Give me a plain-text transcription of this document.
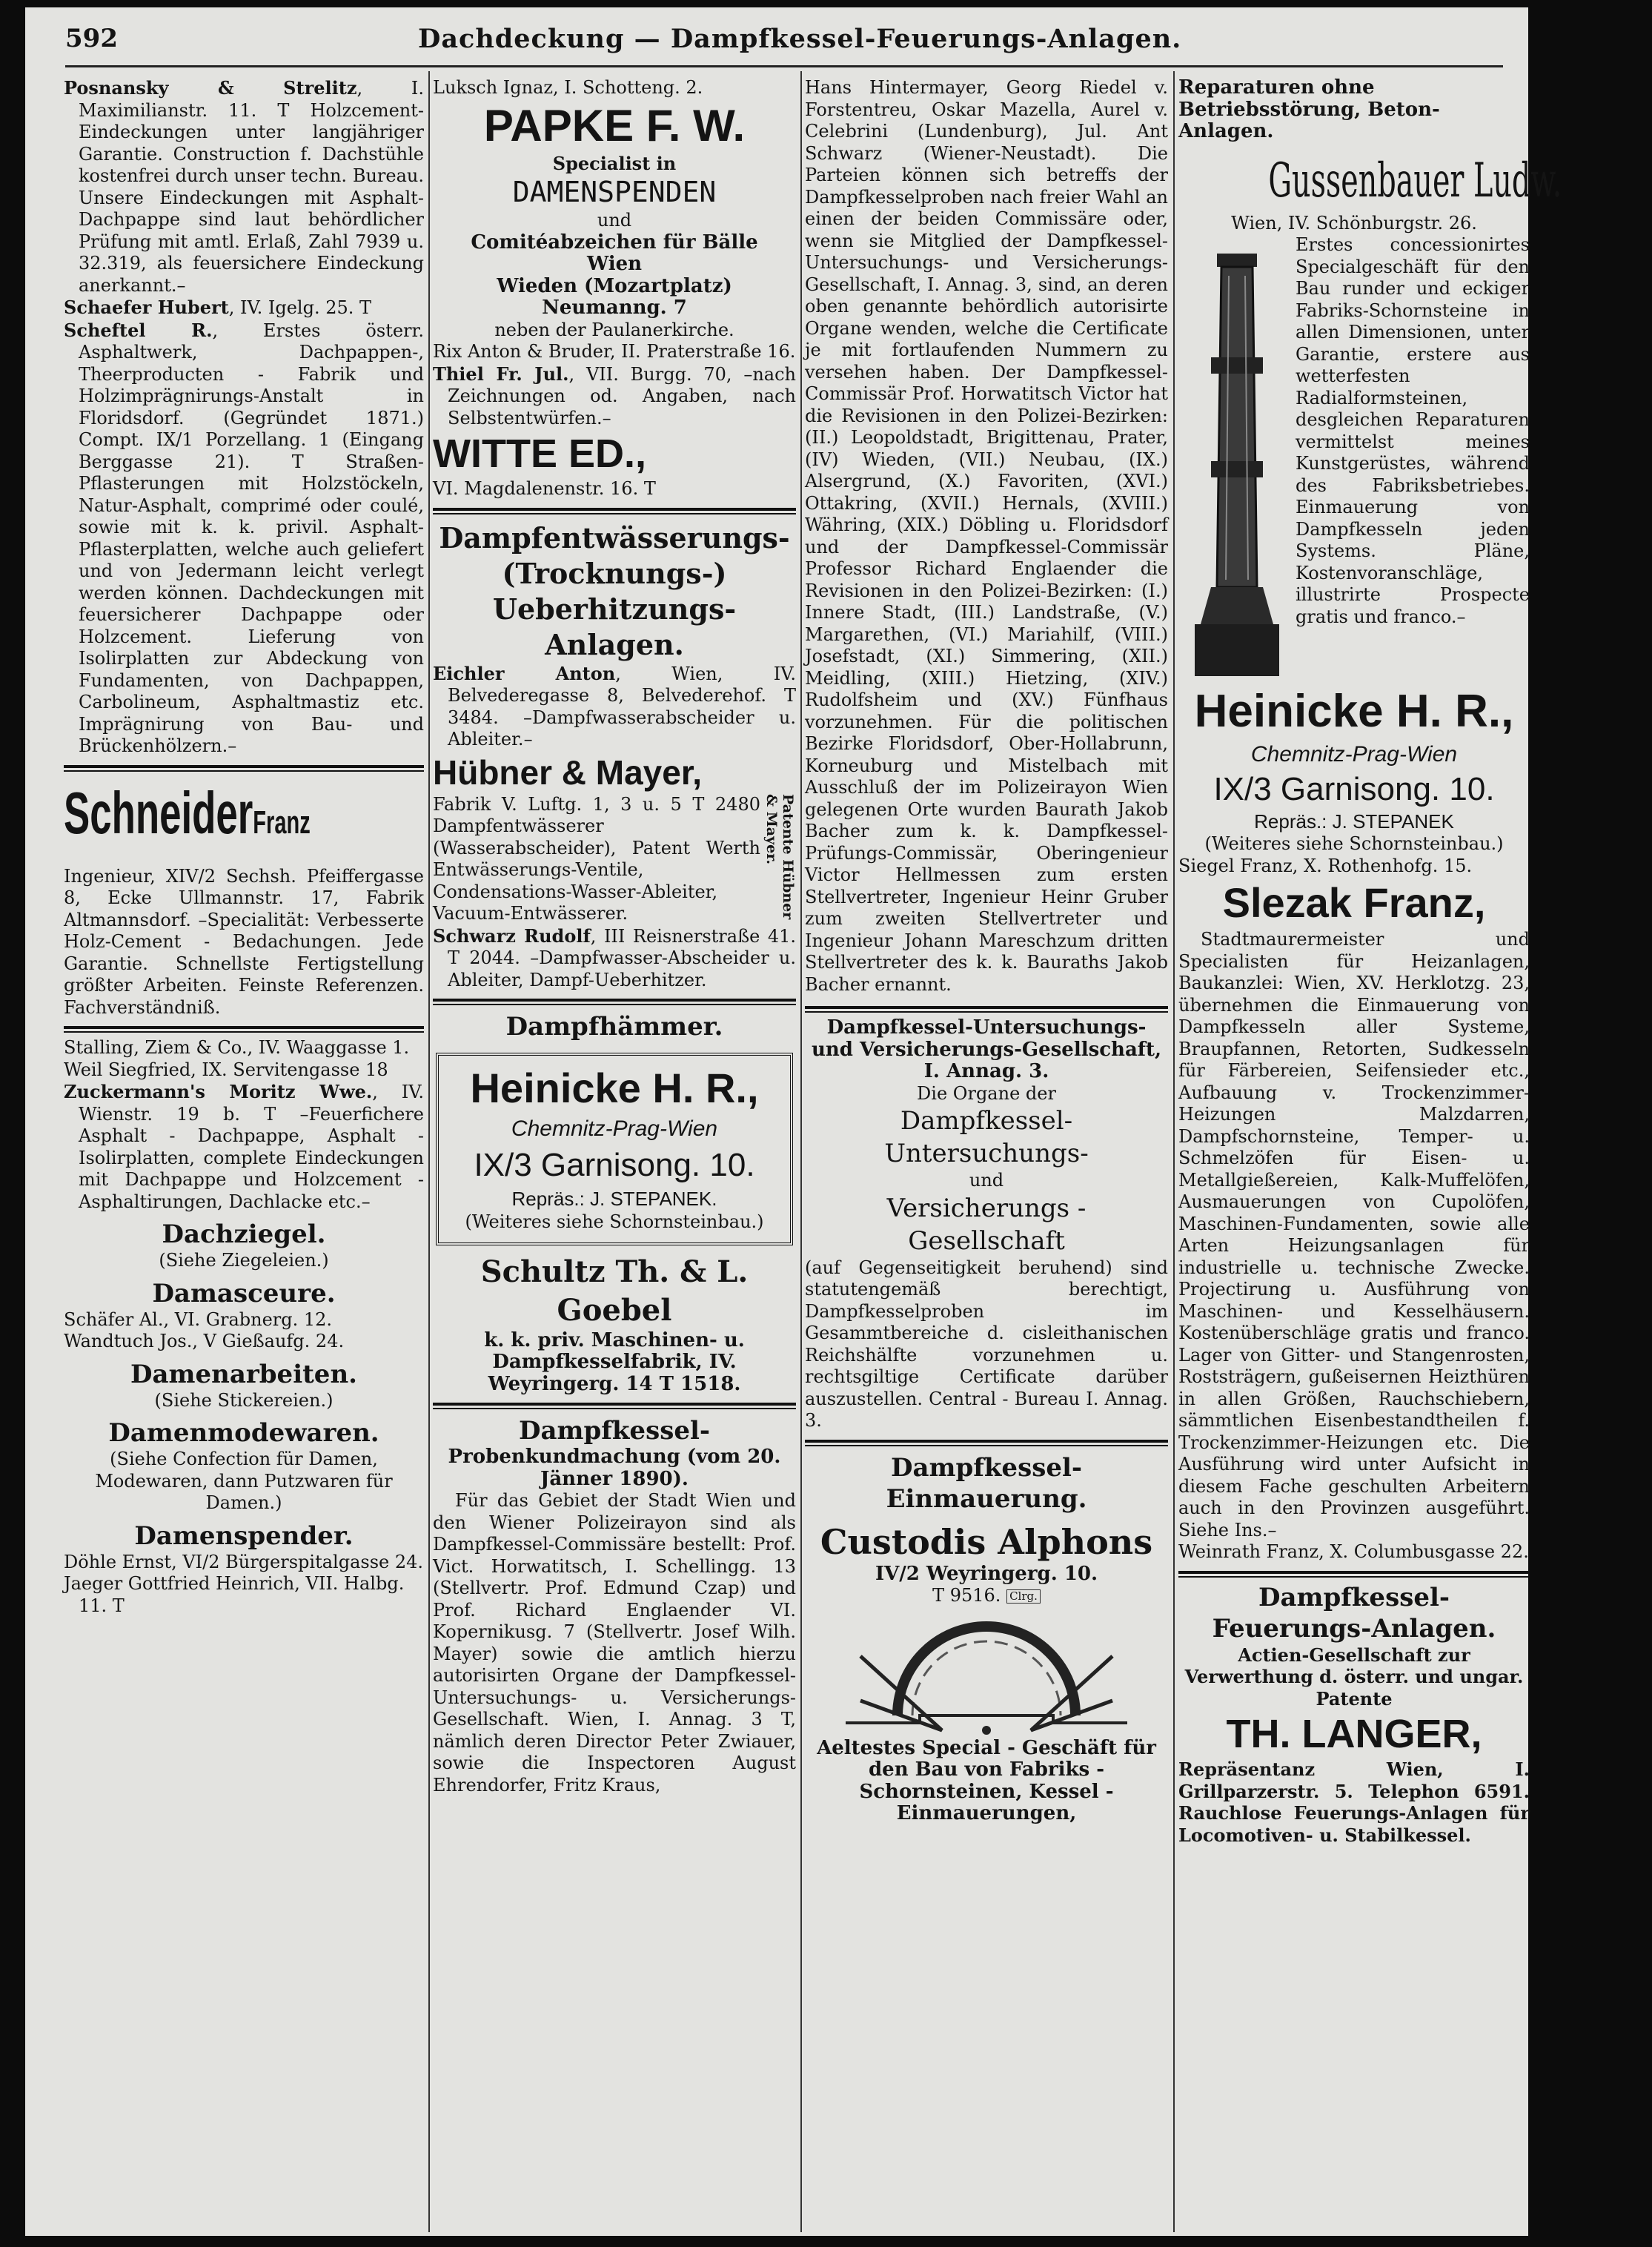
592	Dachdeckung — Dampfkessel-Feuerungs-Anlagen.

Posnansky & Strelitz, I. Maximilianstr. 11. T Holzcement-Eindeckungen unter langjähriger Garantie. Construction f. Dachstühle kostenfrei durch unser techn. Bureau. Unsere Eindeckungen mit Asphalt-Dachpappe sind laut behördlicher Prüfung mit amtl. Erlaß, Zahl 7939 u. 32.319, als feuersichere Eindeckung anerkannt.–

Schaefer Hubert, IV. Igelg. 25. T

Scheftel R., Erstes österr. Asphaltwerk, Dachpappen-, Theerproducten - Fabrik und Holzimprägnirungs-Anstalt in Floridsdorf. (Gegründet 1871.) Compt. IX/1 Porzellang. 1 (Eingang Berggasse 21). T Straßen-Pflasterungen mit Holzstöckeln, Natur-Asphalt, comprimé oder coulé, sowie mit k. k. privil. Asphalt-Pflasterplatten, welche auch geliefert und von Jedermann leicht verlegt werden können. Dachdeckungen mit feuersicherer Dachpappe oder Holzcement. Lieferung von Isolirplatten zur Abdeckung von Fundamenten, von Dachpappen, Carbolineum, Asphaltmastiz etc. Imprägnirung von Bau- und Brückenhölzern.–

SchneiderFranz

Ingenieur, XIV/2 Sechsh. Pfeiffergasse 8, Ecke Ullmannstr. 17, Fabrik Altmannsdorf. –Specialität: Verbesserte Holz-Cement - Bedachungen. Jede Garantie. Schnellste Fertigstellung größter Arbeiten. Feinste Referenzen. Fachverständniß.

Stalling, Ziem & Co., IV. Waaggasse 1.

Weil Siegfried, IX. Servitengasse 18

Zuckermann's Moritz Wwe., IV. Wienstr. 19 b. T –Feuerfichere Asphalt - Dachpappe, Asphalt - Isolirplatten, complete Eindeckungen mit Dachpappe und Holzcement - Asphaltirungen, Dachlacke etc.–

Dachziegel.

(Siehe Ziegeleien.)

Damasceure.

Schäfer Al., VI. Grabnerg. 12.

Wandtuch Jos., V Gießaufg. 24.

Damenarbeiten.

(Siehe Stickereien.)

Damenmodewaren.

(Siehe Confection für Damen, Modewaren, dann Putzwaren für Damen.)

Damenspender.

Döhle Ernst, VI/2 Bürgerspitalgasse 24.

Jaeger Gottfried Heinrich, VII. Halbg. 11. T

Luksch Ignaz, I. Schotteng. 2.

PAPKE F. W.

Specialist in

DAMENSPENDEN

und

Comitéabzeichen für Bälle

Wien

Wieden (Mozartplatz)

Neumanng. 7

neben der Paulanerkirche.

Rix Anton & Bruder, II. Praterstraße 16.

Thiel Fr. Jul., VII. Burgg. 70, –nach Zeichnungen od. Angaben, nach Selbstentwürfen.–

WITTE ED.,

VI. Magdalenenstr. 16. T

Dampfentwässerungs- (Trocknungs-) Ueberhitzungs-Anlagen.

Eichler Anton, Wien, IV. Belvederegasse 8, Belvederehof. T 3484. –Dampfwasserabscheider u. Ableiter.–

Hübner & Mayer,
Patente Hübner & Mayer.

Fabrik V. Luftg. 1, 3 u. 5 T 2480 Dampfentwässerer (Wasserabscheider), Patent Werth Entwässerungs-Ventile, Condensations-Wasser-Ableiter, Vacuum-Entwässerer.

Schwarz Rudolf, III Reisnerstraße 41. T 2044. –Dampfwasser-Abscheider u. Ableiter, Dampf-Ueberhitzer.

Dampfhämmer.
Heinicke H. R.,

Chemnitz-Prag-Wien

IX/3 Garnisong. 10.

Repräs.: J. STEPANEK.

(Weiteres siehe Schornsteinbau.)

Schultz Th. & L. Goebel

k. k. priv. Maschinen- u. Dampfkesselfabrik, IV. Weyringerg. 14 T 1518.

Dampfkessel-

Probenkundmachung (vom 20. Jänner 1890).

Für das Gebiet der Stadt Wien und den Wiener Polizeirayon sind als Dampfkessel-Commissäre bestellt: Prof. Vict. Horwatitsch, I. Schellingg. 13 (Stellvertr. Prof. Edmund Czap) und Prof. Richard Englaender VI. Kopernikusg. 7 (Stellvertr. Josef Wilh. Mayer) sowie die amtlich hierzu autorisirten Organe der Dampfkessel-Untersuchungs- u. Versicherungs-Gesellschaft. Wien, I. Annag. 3 T, nämlich deren Director Peter Zwiauer, sowie die Inspectoren August Ehrendorfer, Fritz Kraus,

Hans Hintermayer, Georg Riedel v. Forstentreu, Oskar Mazella, Aurel v. Celebrini (Lundenburg), Jul. Ant Schwarz (Wiener-Neustadt). Die Parteien können sich betreffs der Dampfkesselproben nach freier Wahl an einen der beiden Commissäre oder, wenn sie Mitglied der Dampfkessel-Untersuchungs- und Versicherungs-Gesellschaft, I. Annag. 3, sind, an deren oben genannte behördlich autorisirte Organe wenden, welche die Certificate je mit fortlaufenden Nummern zu versehen haben. Der Dampfkessel-Commissär Prof. Horwatitsch Victor hat die Revisionen in den Polizei-Bezirken: (II.) Leopoldstadt, Brigittenau, Prater, (IV) Wieden, (VII.) Neubau, (IX.) Alsergrund, (X.) Favoriten, (XVI.) Ottakring, (XVII.) Hernals, (XVIII.) Währing, (XIX.) Döbling u. Floridsdorf und der Dampfkessel-Commissär Professor Richard Englaender die Revisionen in den Polizei-Bezirken: (I.) Innere Stadt, (III.) Landstraße, (V.) Margarethen, (VI.) Mariahilf, (VIII.) Josefstadt, (XI.) Simmering, (XII.) Meidling, (XIII.) Hietzing, (XIV.) Rudolfsheim und (XV.) Fünfhaus vorzunehmen. Für die politischen Bezirke Floridsdorf, Ober-Hollabrunn, Korneuburg und Mistelbach mit Ausschluß der im Polizeirayon Wien gelegenen Orte wurden Baurath Jakob Bacher zum k. k. Dampfkessel-Prüfungs-Commissär, Oberingenieur Victor Hellmessen zum ersten Stellvertreter, Ingenieur Heinr Gruber zum zweiten Stellvertreter und Ingenieur Johann Mareschzum dritten Stellvertreter des k. k. Bauraths Jakob Bacher ernannt.

Dampfkessel-Untersuchungs- und Versicherungs-Gesellschaft,

I. Annag. 3.

Die Organe der

Dampfkessel-Untersuchungs-

und

Versicherungs - Gesellschaft

(auf Gegenseitigkeit beruhend) sind statutengemäß berechtigt, Dampfkesselproben im Gesammtbereiche d. cisleithanischen Reichshälfte vorzunehmen u. rechtsgiltige Certificate darüber auszustellen. Central - Bureau I. Annag. 3.

Dampfkessel-Einmauerung.
Custodis Alphons

IV/2 Weyringerg. 10.

T 9516. Clrg.

Aeltestes Special - Geschäft für den Bau von Fabriks - Schornsteinen, Kessel - Einmauerungen,

Reparaturen ohne Betriebsstörung, Beton-Anlagen.

Gussenbauer Ludw.

Wien, IV. Schönburgstr. 26.

Erstes concessionirtes Specialgeschäft für den Bau runder und eckiger Fabriks-Schornsteine in allen Dimensionen, unter Garantie, erstere aus wetterfesten Radialformsteinen, desgleichen Reparaturen vermittelst meines Kunstgerüstes, während des Fabriksbetriebes. Einmauerung von Dampfkesseln jeden Systems. Pläne, Kostenvoranschläge, illustrirte Prospecte gratis und franco.–

Heinicke H. R.,

Chemnitz-Prag-Wien

IX/3 Garnisong. 10.

Repräs.: J. STEPANEK

(Weiteres siehe Schornsteinbau.)

Siegel Franz, X. Rothenhofg. 15.

Slezak Franz,

Stadtmaurermeister und Specialisten für Heizanlagen, Baukanzlei: Wien, XV. Herklotzg. 23, übernehmen die Einmauerung von Dampfkesseln aller Systeme, Braupfannen, Retorten, Sudkesseln für Färbereien, Seifensieder etc., Aufbauung v. Trockenzimmer-Heizungen Malzdarren, Dampfschornsteine, Temper- u. Schmelzöfen für Eisen- u. Metallgießereien, Kalk-Muffelöfen, Ausmauerungen von Cupolöfen, Maschinen-Fundamenten, sowie alle Arten Heizungsanlagen für industrielle u. technische Zwecke. Projectirung u. Ausführung von Maschinen- und Kesselhäusern. Kostenüberschläge gratis und franco. Lager von Gitter- und Stangenrosten, Roststrägern, gußeisernen Heizthüren in allen Größen, Rauchschiebern, sämmtlichen Eisenbestandtheilen f. Trockenzimmer-Heizungen etc. Die Ausführung wird unter Aufsicht in diesem Fache geschulten Arbeitern auch in den Provinzen ausgeführt. Siehe Ins.–

Weinrath Franz, X. Columbusgasse 22.

Dampfkessel-
Feuerungs-Anlagen.

Actien-Gesellschaft zur Verwerthung d. österr. und ungar. Patente

TH. LANGER,

Repräsentanz Wien, I. Grillparzerstr. 5. Telephon 6591. Rauchlose Feuerungs-Anlagen für Locomotiven- u. Stabilkessel.
